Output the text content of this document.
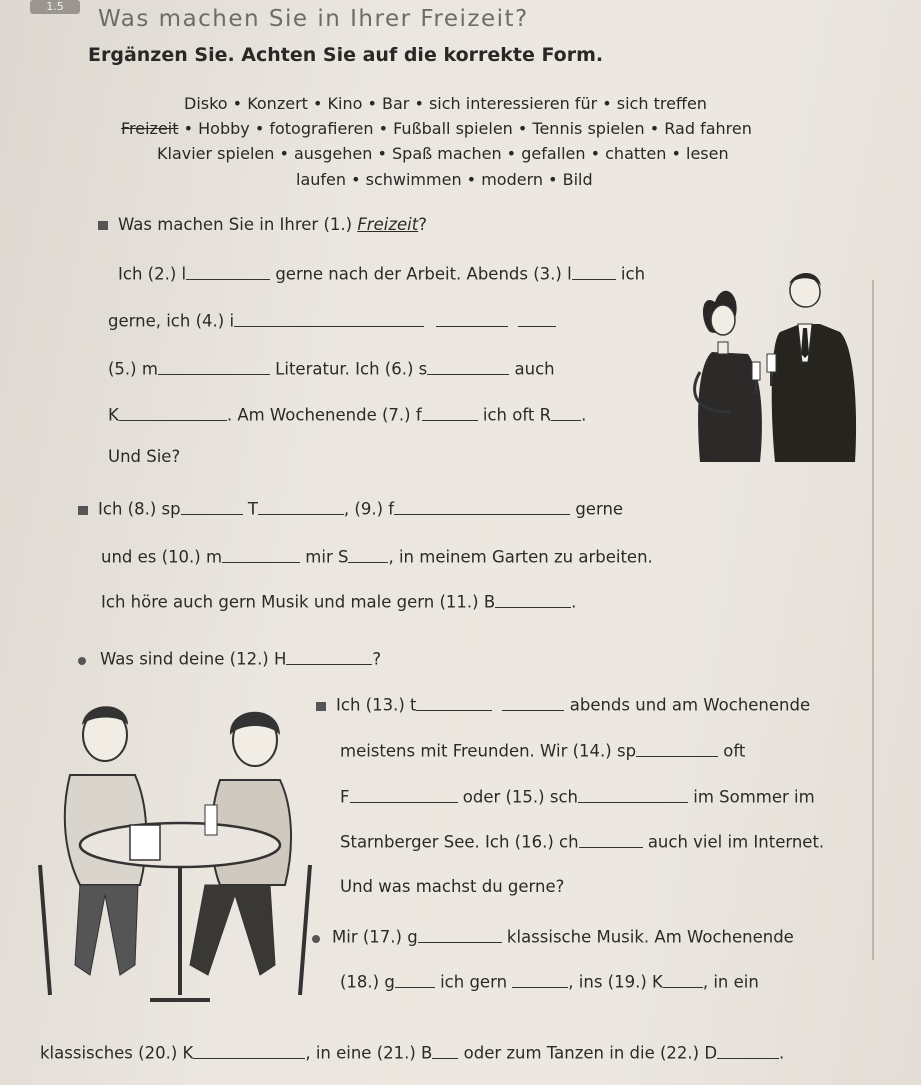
1.5	Was machen Sie in Ihrer Freizeit?
Ergänzen Sie. Achten Sie auf die korrekte Form.
Disko • Konzert • Kino • Bar • sich interessieren für • sich treffen
Freizeit • Hobby • fotografieren • Fußball spielen • Tennis spielen • Rad fahren
Klavier spielen • ausgehen • Spaß machen • gefallen • chatten • lesen
laufen • schwimmen • modern • Bild
Was machen Sie in Ihrer (1.) Freizeit?
Ich (2.) l	gerne nach der Arbeit. Abends (3.) l	ich
gerne, ich (4.) i
(5.) m	Literatur. Ich (6.) s	auch
K	. Am Wochenende (7.) f	ich oft R .
Und Sie?
Ich (8.) sp	T	, (9.) f	gerne
und es (10.) m	mir S , in meinem Garten zu arbeiten.
Ich höre auch gern Musik und male gern (11.) B	.
Was sind deine (12.) H	?
Ich (13.) t	abends und am Wochenende
meistens mit Freunden. Wir (14.) sp	oft
F	oder (15.) sch	im Sommer im
Starnberger See. Ich (16.) ch	auch viel im Internet.
Und was machst du gerne?
Mir (17.) g	klassische Musik. Am Wochenende
(18.) g ich gern	, ins (19.) K , in ein
klassisches (20.) K	, in eine (21.) B oder zum Tanzen in die (22.) D	.
